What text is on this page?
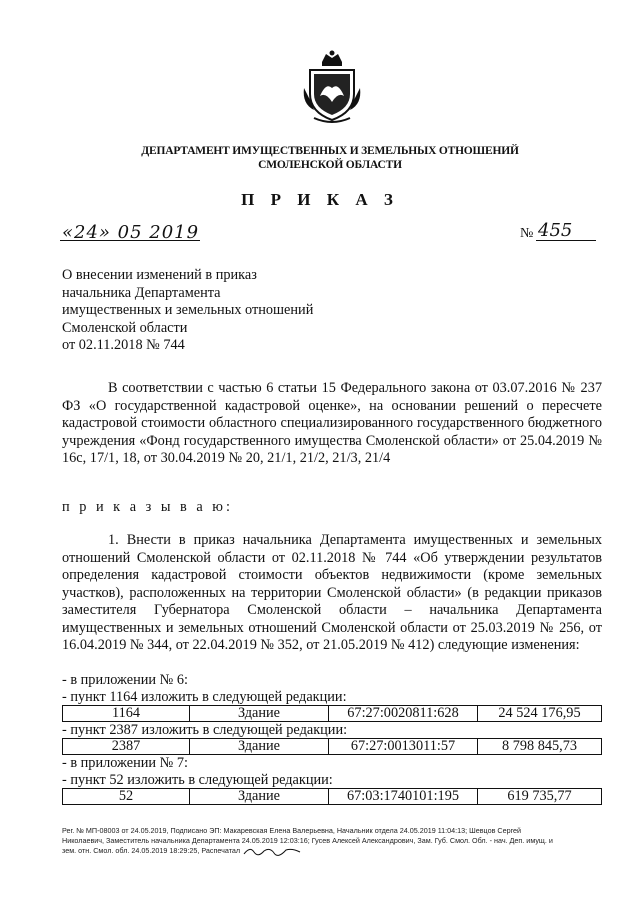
ДЕПАРТАМЕНТ ИМУЩЕСТВЕННЫХ И ЗЕМЕЛЬНЫХ ОТНОШЕНИЙ
СМОЛЕНСКОЙ ОБЛАСТИ
П Р И К А З
«24» 05 2019	№ 455
О внесении изменений в приказ
начальника Департамента
имущественных и земельных отношений
Смоленской области
от 02.11.2018 № 744
В соответствии с частью 6 статьи 15 Федерального закона от 03.07.2016 № 237 ФЗ «О государственной кадастровой оценке», на основании решений о пересчете кадастровой стоимости областного специализированного государственного бюджетного учреждения «Фонд государственного имущества Смоленской области» от 25.04.2019 № 16с, 17/1, 18, от 30.04.2019 № 20, 21/1, 21/2, 21/3, 21/4
п р и к а з ы в а ю:
1. Внести в приказ начальника Департамента имущественных и земельных отношений Смоленской области от 02.11.2018 № 744 «Об утверждении результатов определения кадастровой стоимости объектов недвижимости (кроме земельных участков), расположенных на территории Смоленской области» (в редакции приказов заместителя Губернатора Смоленской области – начальника Департамента имущественных и земельных отношений Смоленской области от 25.03.2019 № 256, от 16.04.2019 № 344, от 22.04.2019 № 352, от 21.05.2019 № 412) следующие изменения:
- в приложении № 6:
- пункт 1164 изложить в следующей редакции:
1164	Здание	67:27:0020811:628	24 524 176,95
- пункт 2387 изложить в следующей редакции:
2387	Здание	67:27:0013011:57	8 798 845,73
- в приложении № 7:
- пункт 52 изложить в следующей редакции:
52	Здание	67:03:1740101:195	619 735,77
Рег. № МП-08003 от 24.05.2019, Подписано ЭП: Макаревская Елена Валерьевна, Начальник отдела 24.05.2019 11:04:13; Шевцов Сергей
Николаевич, Заместитель начальника Департамента 24.05.2019 12:03:16; Гусев Алексей Александрович, Зам. Губ. Смол. Обл. - нач. Деп. имущ. и
зем. отн. Смол. обл. 24.05.2019 18:29:25, Распечатал
